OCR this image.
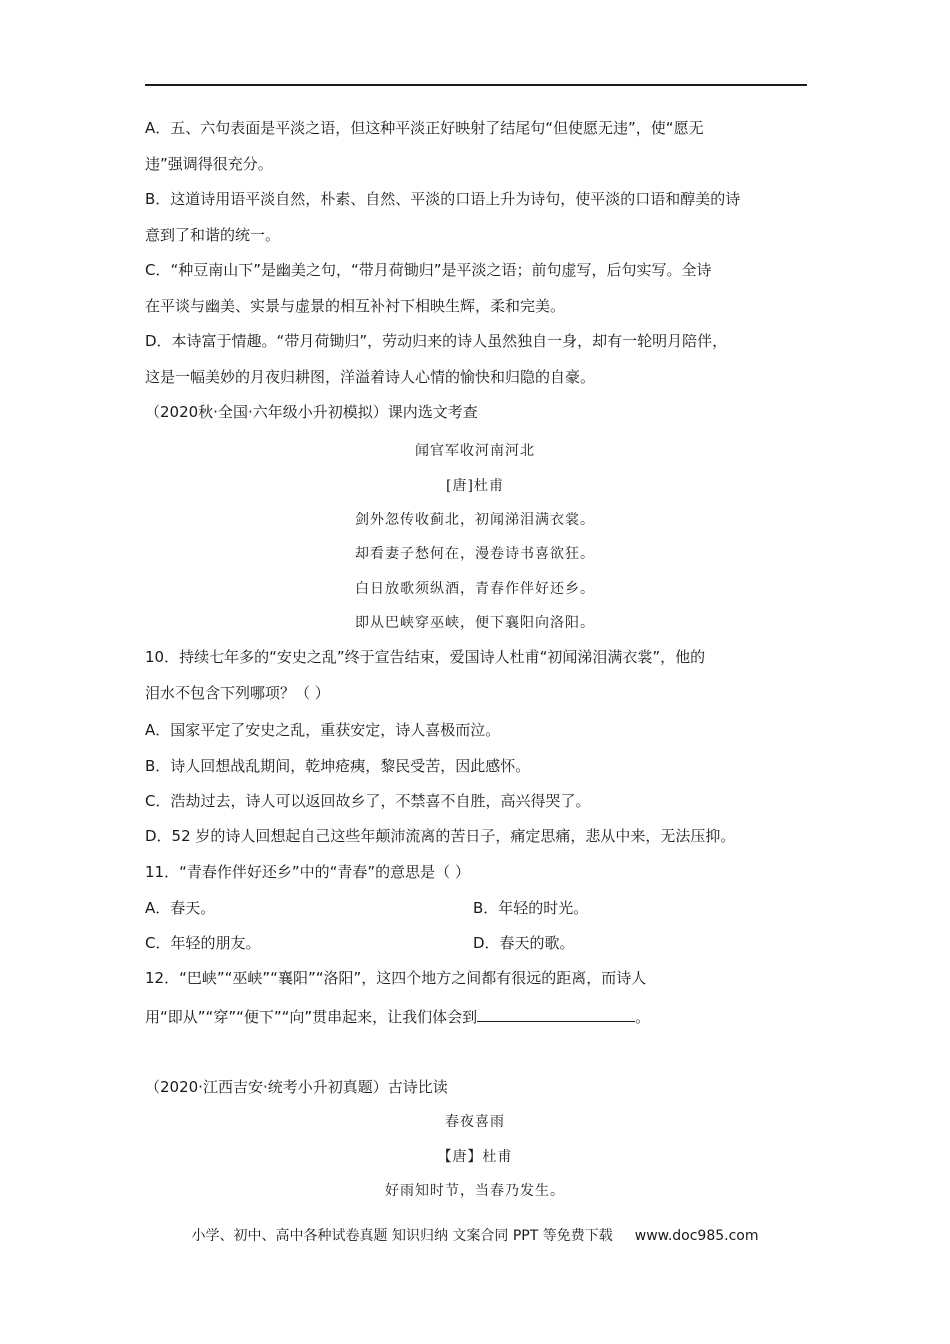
A．五、六句表面是平淡之语，但这种平淡正好映射了结尾句“但使愿无违”，使“愿无
违”强调得很充分。
B．这道诗用语平淡自然，朴素、自然、平淡的口语上升为诗句，使平淡的口语和醇美的诗
意到了和谐的统一。
C．“种豆南山下”是幽美之句，“带月荷锄归”是平淡之语；前句虚写，后句实写。全诗
在平谈与幽美、实景与虚景的相互补衬下相映生辉，柔和完美。
D．本诗富于情趣。“带月荷锄归”，劳动归来的诗人虽然独自一身，却有一轮明月陪伴，
这是一幅美妙的月夜归耕图，洋溢着诗人心情的愉快和归隐的自豪。
（2020秋·全国·六年级小升初模拟）课内选文考查
闻官军收河南河北
[唐]杜甫
剑外忽传收蓟北，初闻涕泪满衣裳。
却看妻子愁何在，漫卷诗书喜欲狂。
白日放歌须纵酒，青春作伴好还乡。
即从巴峡穿巫峡，便下襄阳向洛阳。
10．持续七年多的“安史之乱”终于宣告结束，爱国诗人杜甫“初闻涕泪满衣裳”，他的
泪水不包含下列哪项？（ ）
A．国家平定了安史之乱，重获安定，诗人喜极而泣。
B．诗人回想战乱期间，乾坤疮痍，黎民受苦，因此感怀。
C．浩劫过去，诗人可以返回故乡了，不禁喜不自胜，高兴得哭了。
D．52 岁的诗人回想起自己这些年颠沛流离的苦日子，痛定思痛，悲从中来，无法压抑。
11．“青春作伴好还乡”中的“青春”的意思是（ ）
A．春天。	B．年轻的时光。
C．年轻的朋友。	D．春天的歌。
12．“巴峡”“巫峡”“襄阳”“洛阳”，这四个地方之间都有很远的距离，而诗人
用“即从”“穿”“便下”“向”贯串起来，让我们体会到	。
（2020·江西吉安·统考小升初真题）古诗比读
春夜喜雨
【唐】杜甫
好雨知时节，当春乃发生。
小学、初中、高中各种试卷真题 知识归纳 文案合同 PPT 等免费下载 www.doc985.com
